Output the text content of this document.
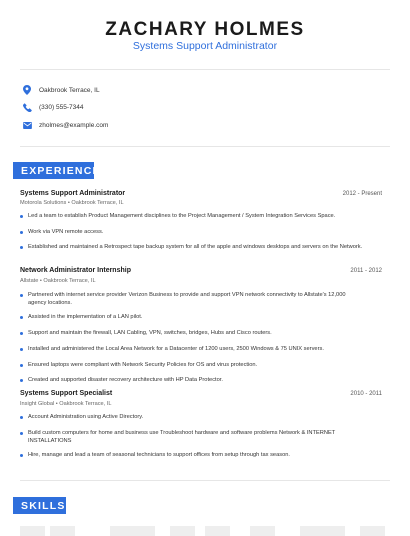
ZACHARY HOLMES
Systems Support Administrator
Oakbrook Terrace, IL
(330) 555-7344
zholmes@example.com
EXPERIENCE
Systems Support Administrator	2012 - Present
Motorola Solutions • Oakbrook Terrace, IL
Led a team to establish Product Management disciplines to the Project Management / System Integration Services Space.
Work via VPN remote access.
Established and maintained a Retrospect tape backup system for all of the apple and windows desktops and servers on the Network.
Network Administrator Internship	2011 - 2012
Allstate • Oakbrook Terrace, IL
Partnered with internet service provider Verizon Business to provide and support VPN network connectivity to Allstate's 12,000 agency locations.
Assisted in the implementation of a LAN pilot.
Support and maintain the firewall, LAN Cabling, VPN, switches, bridges, Hubs and Cisco routers.
Installed and administered the Local Area Network for a Datacenter of 1200 users, 2500 Windows & 75 UNIX servers.
Ensured laptops were compliant with Network Security Policies for OS and virus protection.
Created and supported disaster recovery architecture with HP Data Protector.
Systems Support Specialist	2010 - 2011
Insight Global • Oakbrook Terrace, IL
Account Administration using Active Directory.
Build custom computers for home and business use Troubleshoot hardware and software problems Network & INTERNET INSTALLATIONS
Hire, manage and lead a team of seasonal technicians to support offices from setup through tax season.
SKILLS
